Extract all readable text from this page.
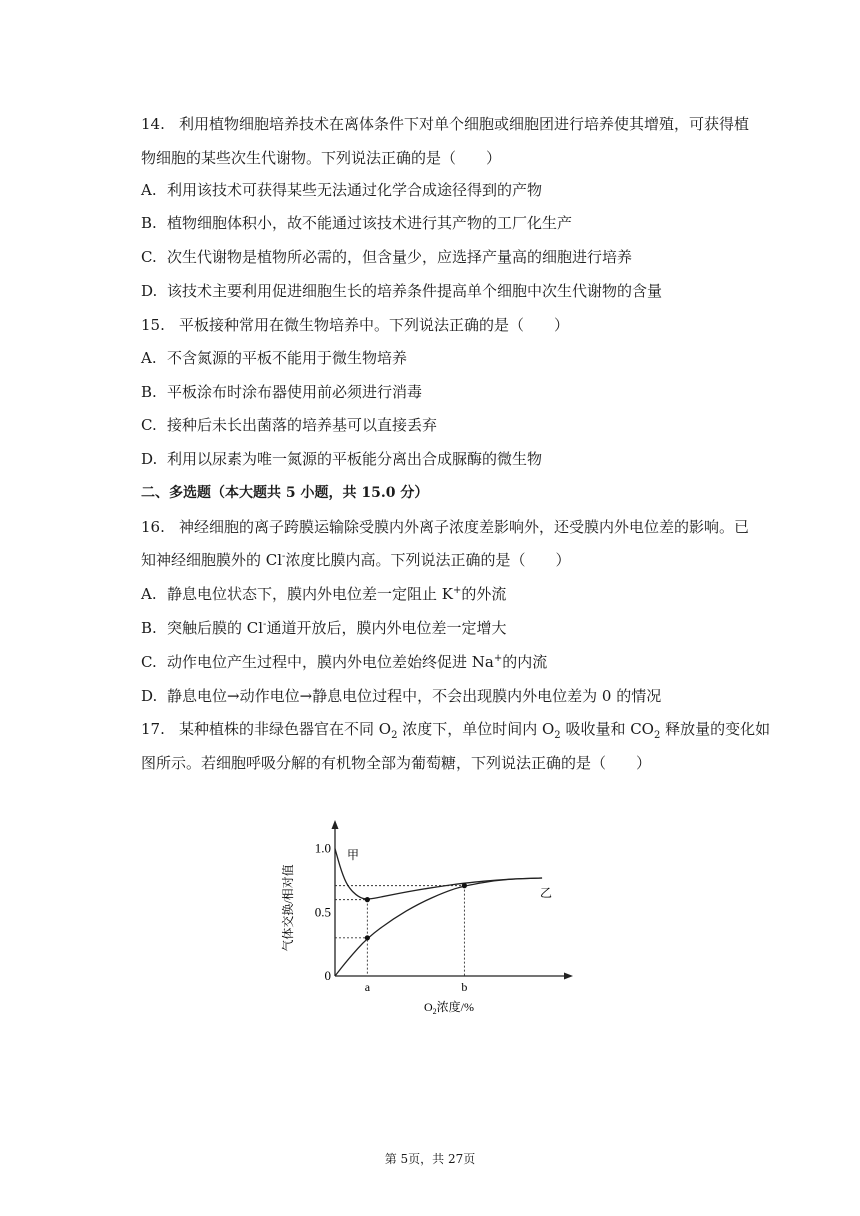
14. 利用植物细胞培养技术在离体条件下对单个细胞或细胞团进行培养使其增殖，可获得植
物细胞的某些次生代谢物。下列说法正确的是（　　）
A. 利用该技术可获得某些无法通过化学合成途径得到的产物
B. 植物细胞体积小，故不能通过该技术进行其产物的工厂化生产
C. 次生代谢物是植物所必需的，但含量少，应选择产量高的细胞进行培养
D. 该技术主要利用促进细胞生长的培养条件提高单个细胞中次生代谢物的含量
15. 平板接种常用在微生物培养中。下列说法正确的是（　　）
A. 不含氮源的平板不能用于微生物培养
B. 平板涂布时涂布器使用前必须进行消毒
C. 接种后未长出菌落的培养基可以直接丢弃
D. 利用以尿素为唯一氮源的平板能分离出合成脲酶的微生物
二、多选题（本大题共 5 小题，共 15.0 分）
16. 神经细胞的离子跨膜运输除受膜内外离子浓度差影响外，还受膜内外电位差的影响。已
知神经细胞膜外的 Cl-浓度比膜内高。下列说法正确的是（　　）
A. 静息电位状态下，膜内外电位差一定阻止 K+的外流
B. 突触后膜的 Cl-通道开放后，膜内外电位差一定增大
C. 动作电位产生过程中，膜内外电位差始终促进 Na+的内流
D. 静息电位→动作电位→静息电位过程中，不会出现膜内外电位差为 0 的情况
17. 某种植株的非绿色器官在不同 $O_2$ 浓度下，单位时间内 $O_2$ 吸收量和 $CO_2$ 释放量的变化如
图所示。若细胞呼吸分解的有机物全部为葡萄糖，下列说法正确的是（　　）
0
0.5
1.0
a	b
甲
乙
气体交换/相对值
$O_2$浓度/%
第 5页，共 27页
